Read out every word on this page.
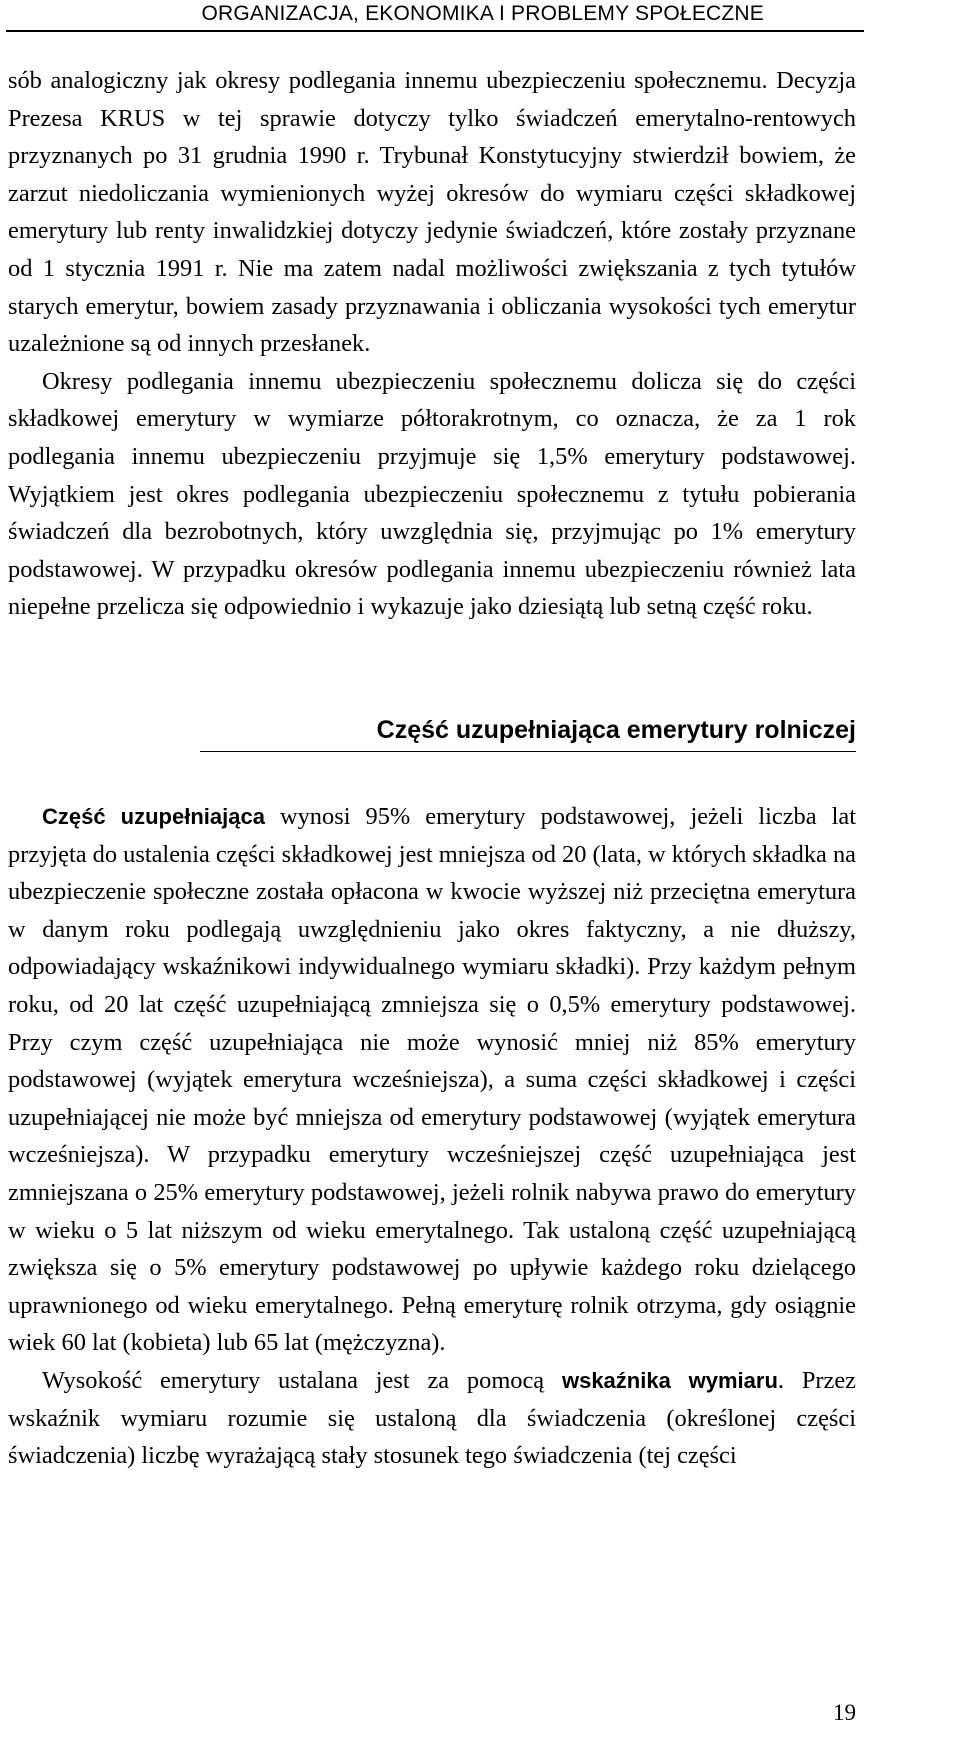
ORGANIZACJA, EKONOMIKA I PROBLEMY SPOŁECZNE

sób analogiczny jak okresy podlegania innemu ubezpieczeniu społecznemu. Decyzja Prezesa KRUS w tej sprawie dotyczy tylko świadczeń emerytalno-rentowych przyznanych po 31 grudnia 1990 r. Trybunał Konstytucyjny stwierdził bowiem, że zarzut niedoliczania wymienionych wyżej okresów do wymiaru części składkowej emerytury lub renty inwalidzkiej dotyczy jedynie świadczeń, które zostały przyznane od 1 stycznia 1991 r. Nie ma zatem nadal możliwości zwiększania z tych tytułów starych emerytur, bowiem zasady przyznawania i obliczania wysokości tych emerytur uzależnione są od innych przesłanek.

Okresy podlegania innemu ubezpieczeniu społecznemu dolicza się do części składkowej emerytury w wymiarze półtorakrotnym, co oznacza, że za 1 rok podlegania innemu ubezpieczeniu przyjmuje się 1,5% emerytury podstawowej. Wyjątkiem jest okres podlegania ubezpieczeniu społecznemu z tytułu pobierania świadczeń dla bezrobotnych, który uwzględnia się, przyjmując po 1% emerytury podstawowej. W przypadku okresów podlegania innemu ubezpieczeniu również lata niepełne przelicza się odpowiednio i wykazuje jako dziesiątą lub setną część roku.

Część uzupełniająca emerytury rolniczej

Część uzupełniająca wynosi 95% emerytury podstawowej, jeżeli liczba lat przyjęta do ustalenia części składkowej jest mniejsza od 20 (lata, w których składka na ubezpieczenie społeczne została opłacona w kwocie wyższej niż przeciętna emerytura w danym roku podlegają uwzględnieniu jako okres faktyczny, a nie dłuższy, odpowiadający wskaźnikowi indywidualnego wymiaru składki). Przy każdym pełnym roku, od 20 lat część uzupełniającą zmniejsza się o 0,5% emerytury podstawowej. Przy czym część uzupełniająca nie może wynosić mniej niż 85% emerytury podstawowej (wyjątek emerytura wcześniejsza), a suma części składkowej i części uzupełniającej nie może być mniejsza od emerytury podstawowej (wyjątek emerytura wcześniejsza). W przypadku emerytury wcześniejszej część uzupełniająca jest zmniejszana o 25% emerytury podstawowej, jeżeli rolnik nabywa prawo do emerytury w wieku o 5 lat niższym od wieku emerytalnego. Tak ustaloną część uzupełniającą zwiększa się o 5% emerytury podstawowej po upływie każdego roku dzielącego uprawnionego od wieku emerytalnego. Pełną emeryturę rolnik otrzyma, gdy osiągnie wiek 60 lat (kobieta) lub 65 lat (mężczyzna).

Wysokość emerytury ustalana jest za pomocą wskaźnika wymiaru. Przez wskaźnik wymiaru rozumie się ustaloną dla świadczenia (określonej części świadczenia) liczbę wyrażającą stały stosunek tego świadczenia (tej części

19
